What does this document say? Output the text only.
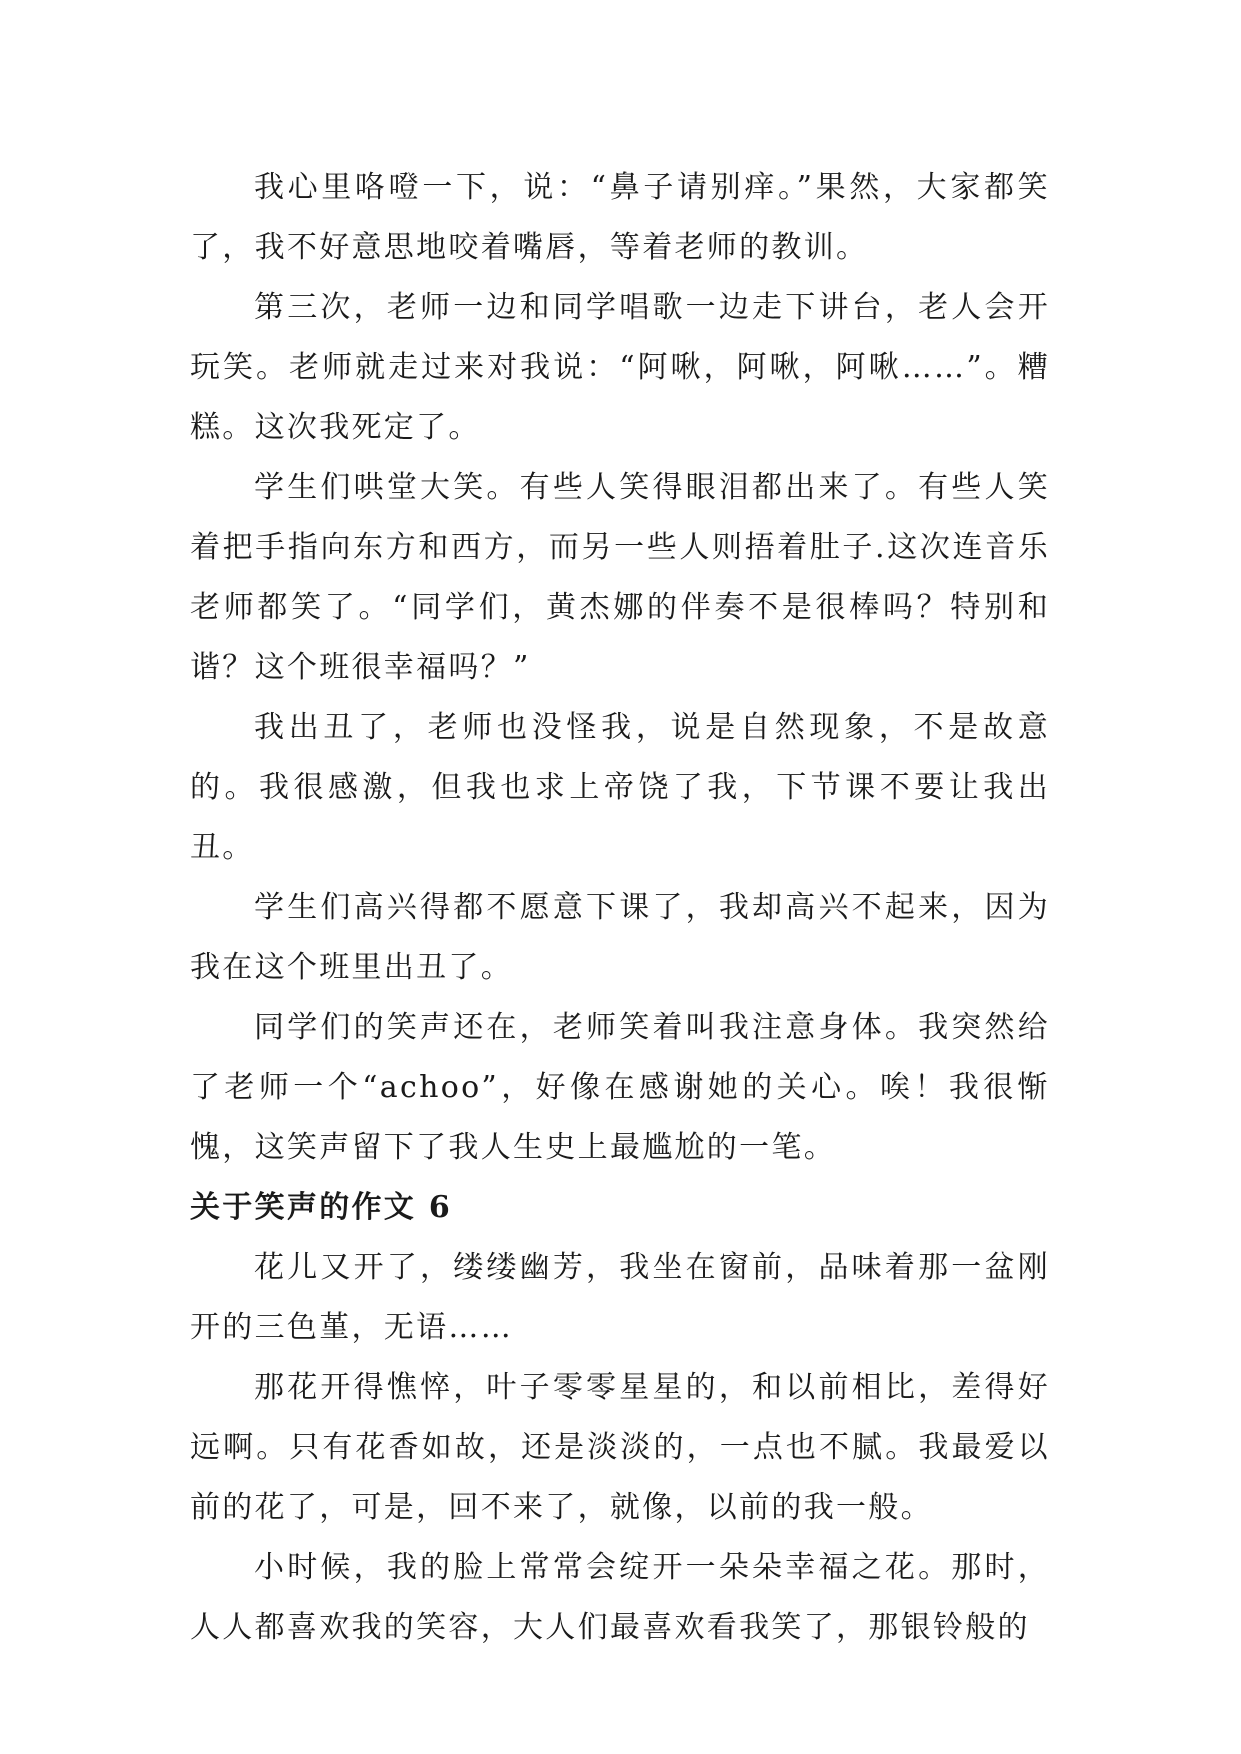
我心里咯噔一下，说：“鼻子请别痒。”果然，大家都笑了，我不好意思地咬着嘴唇，等着老师的教训。

第三次，老师一边和同学唱歌一边走下讲台，老人会开玩笑。老师就走过来对我说：“阿啾，阿啾，阿啾……”。糟糕。这次我死定了。

学生们哄堂大笑。有些人笑得眼泪都出来了。有些人笑着把手指向东方和西方，而另一些人则捂着肚子.这次连音乐老师都笑了。“同学们，黄杰娜的伴奏不是很棒吗？特别和谐？这个班很幸福吗？”

我出丑了，老师也没怪我，说是自然现象，不是故意的。我很感激，但我也求上帝饶了我，下节课不要让我出丑。

学生们高兴得都不愿意下课了，我却高兴不起来，因为我在这个班里出丑了。

同学们的笑声还在，老师笑着叫我注意身体。我突然给了老师一个“achoo”，好像在感谢她的关心。唉！我很惭愧，这笑声留下了我人生史上最尴尬的一笔。

关于笑声的作文 6

花儿又开了，缕缕幽芳，我坐在窗前，品味着那一盆刚开的三色堇，无语……

那花开得憔悴，叶子零零星星的，和以前相比，差得好远啊。只有花香如故，还是淡淡的，一点也不腻。我最爱以前的花了，可是，回不来了，就像，以前的我一般。

小时候，我的脸上常常会绽开一朵朵幸福之花。那时，人人都喜欢我的笑容，大人们最喜欢看我笑了，那银铃般的
